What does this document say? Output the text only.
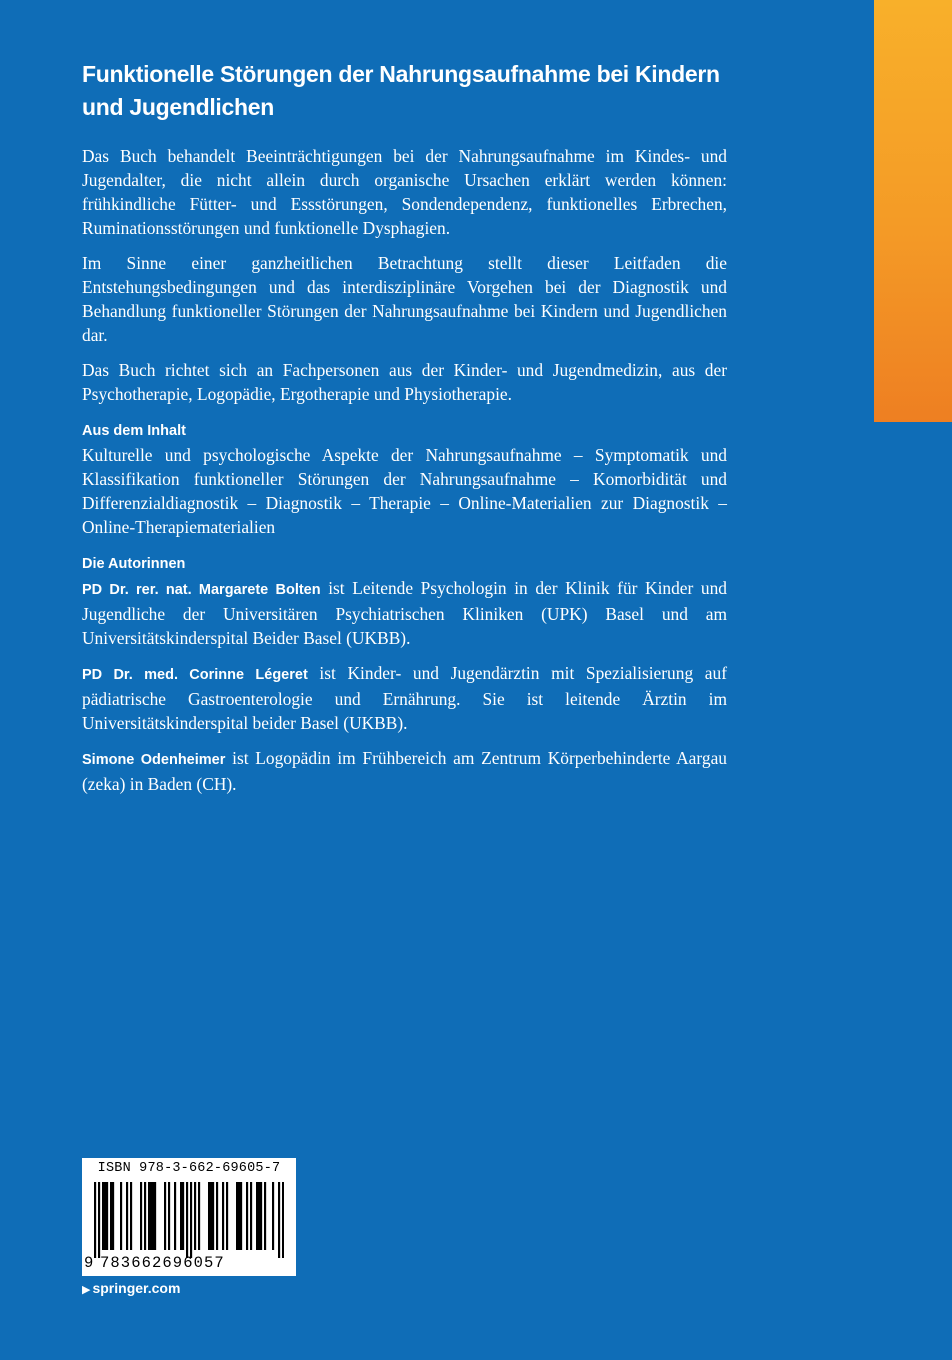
Funktionelle Störungen der Nahrungsaufnahme bei Kindern und Jugendlichen

Das Buch behandelt Beeinträchtigungen bei der Nahrungsaufnahme im Kindes- und Jugendalter, die nicht allein durch organische Ursachen erklärt werden können: frühkindliche Fütter- und Essstörungen, Sondendependenz, funktionelles Erbrechen, Ruminationsstörungen und funktionelle Dysphagien.

Im Sinne einer ganzheitlichen Betrachtung stellt dieser Leitfaden die Entstehungsbedingungen und das interdisziplinäre Vorgehen bei der Diagnostik und Behandlung funktioneller Störungen der Nahrungsaufnahme bei Kindern und Jugendlichen dar.

Das Buch richtet sich an Fachpersonen aus der Kinder- und Jugendmedizin, aus der Psychotherapie, Logopädie, Ergotherapie und Physiotherapie.

Aus dem Inhalt

Kulturelle und psychologische Aspekte der Nahrungsaufnahme – Symptomatik und Klassifikation funktioneller Störungen der Nahrungsaufnahme – Komorbidität und Differenzialdiagnostik – Diagnostik – Therapie – Online-Materialien zur Diagnostik – Online-Therapiematerialien

Die Autorinnen

PD Dr. rer. nat. Margarete Bolten ist Leitende Psychologin in der Klinik für Kinder und Jugendliche der Universitären Psychiatrischen Kliniken (UPK) Basel und am Universitätskinderspital Beider Basel (UKBB).

PD Dr. med. Corinne Légeret ist Kinder- und Jugendärztin mit Spezialisierung auf pädiatrische Gastroenterologie und Ernährung. Sie ist leitende Ärztin im Universitätskinderspital beider Basel (UKBB).

Simone Odenheimer ist Logopädin im Frühbereich am Zentrum Körperbehinderte Aargau (zeka) in Baden (CH).

ISBN 978-3-662-69605-7
9 783662696057
▶ springer.com
